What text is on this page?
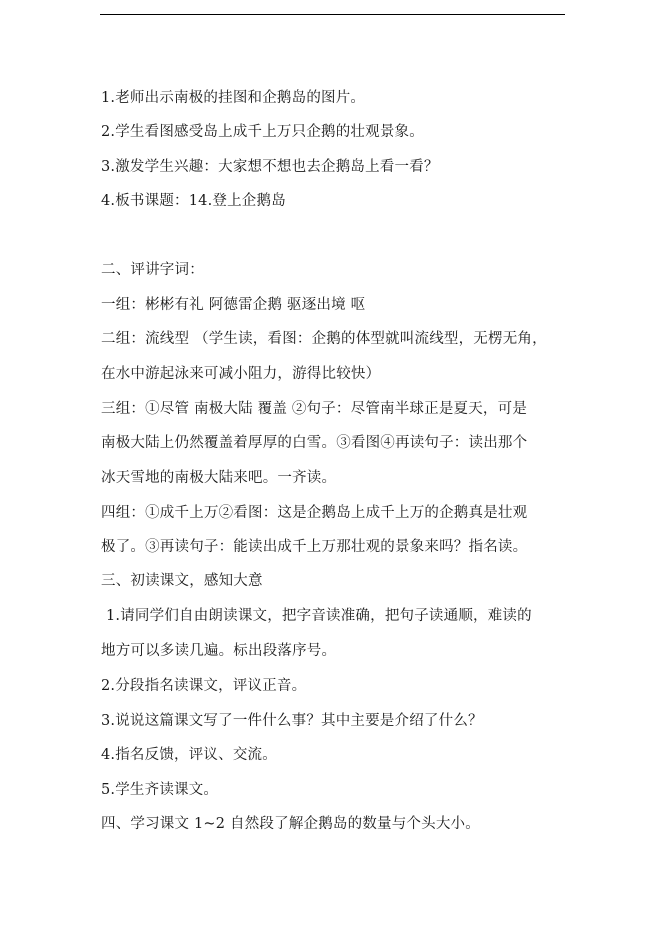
1.老师出示南极的挂图和企鹅岛的图片。
2.学生看图感受岛上成千上万只企鹅的壮观景象。
3.激发学生兴趣：大家想不想也去企鹅岛上看一看？
4.板书课题：14.登上企鹅岛
二、评讲字词：
一组：彬彬有礼 阿德雷企鹅 驱逐出境 呕
二组：流线型 （学生读，看图：企鹅的体型就叫流线型，无楞无角，
在水中游起泳来可减小阻力，游得比较快）
三组：①尽管 南极大陆 覆盖 ②句子：尽管南半球正是夏天，可是
南极大陆上仍然覆盖着厚厚的白雪。③看图④再读句子：读出那个
冰天雪地的南极大陆来吧。一齐读。
四组：①成千上万②看图：这是企鹅岛上成千上万的企鹅真是壮观
极了。③再读句子：能读出成千上万那壮观的景象来吗？指名读。
三、初读课文，感知大意
1.请同学们自由朗读课文，把字音读准确，把句子读通顺，难读的
地方可以多读几遍。标出段落序号。
2.分段指名读课文，评议正音。
3.说说这篇课文写了一件什么事？其中主要是介绍了什么？
4.指名反馈，评议、交流。
5.学生齐读课文。
四、学习课文 1~2 自然段了解企鹅岛的数量与个头大小。
